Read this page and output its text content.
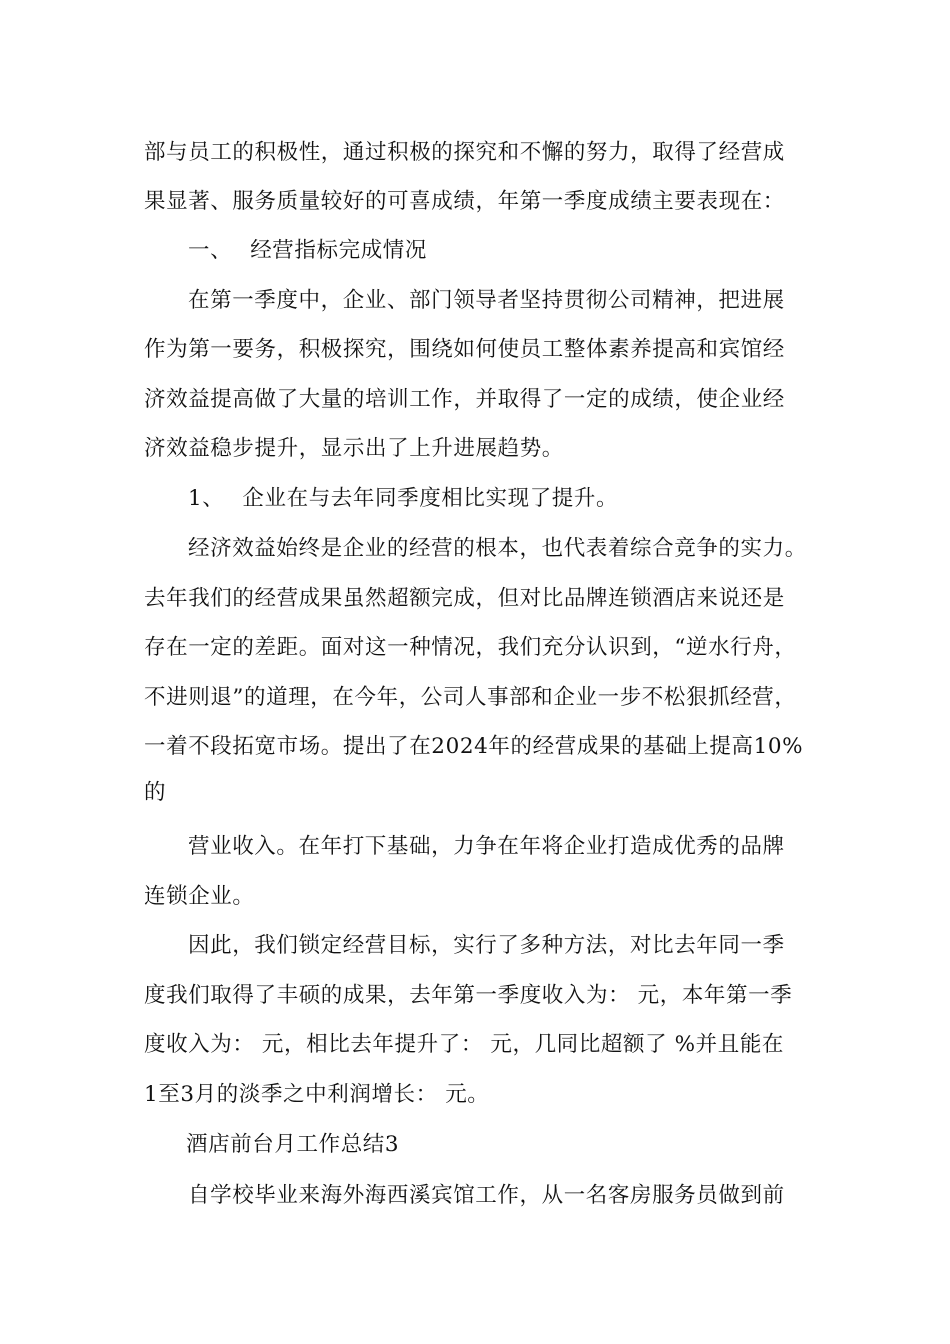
部与员工的积极性，通过积极的探究和不懈的努力，取得了经营成
果显著、服务质量较好的可喜成绩，年第一季度成绩主要表现在：
一、 经营指标完成情况
在第一季度中，企业、部门领导者坚持贯彻公司精神，把进展
作为第一要务，积极探究，围绕如何使员工整体素养提高和宾馆经
济效益提高做了大量的培训工作，并取得了一定的成绩，使企业经
济效益稳步提升，显示出了上升进展趋势。
1、 企业在与去年同季度相比实现了提升。
经济效益始终是企业的经营的根本，也代表着综合竞争的实力。
去年我们的经营成果虽然超额完成，但对比品牌连锁酒店来说还是
存在一定的差距。面对这一种情况，我们充分认识到，“逆水行舟，
不进则退”的道理，在今年，公司人事部和企业一步不松狠抓经营，
一着不段拓宽市场。提出了在2024年的经营成果的基础上提高10%
的
营业收入。在年打下基础，力争在年将企业打造成优秀的品牌
连锁企业。
因此，我们锁定经营目标，实行了多种方法，对比去年同一季
度我们取得了丰硕的成果，去年第一季度收入为： 元，本年第一季
度收入为： 元，相比去年提升了： 元，几同比超额了 %并且能在
1至3月的淡季之中利润增长： 元。
酒店前台月工作总结3
自学校毕业来海外海西溪宾馆工作，从一名客房服务员做到前
